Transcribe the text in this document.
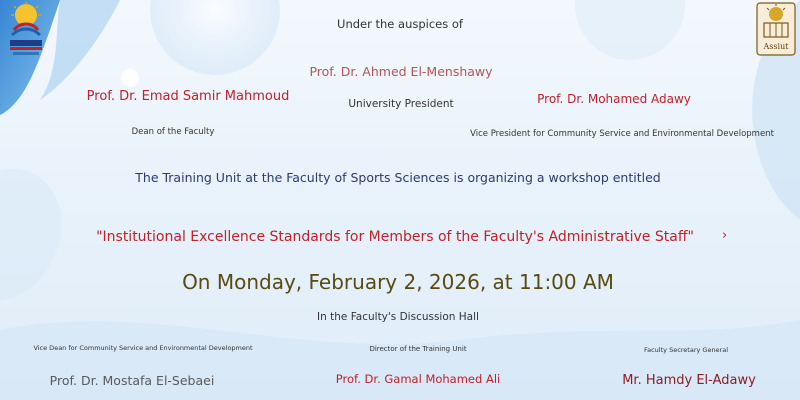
Assiut
Under the auspices of
Prof. Dr. Ahmed El-Menshawy
University President
Prof. Dr. Emad Samir Mahmoud
Dean of the Faculty
Prof. Dr. Mohamed Adawy
Vice President for Community Service and Environmental Development
The Training Unit at the Faculty of Sports Sciences is organizing a workshop entitled
"Institutional Excellence Standards for Members of the Faculty's Administrative Staff" ›
On Monday, February 2, 2026, at 11:00 AM
In the Faculty's Discussion Hall
Vice Dean for Community Service and Environmental Development
Prof. Dr. Mostafa El-Sebaei
Director of the Training Unit
Prof. Dr. Gamal Mohamed Ali
Faculty Secretary General
Mr. Hamdy El-Adawy
